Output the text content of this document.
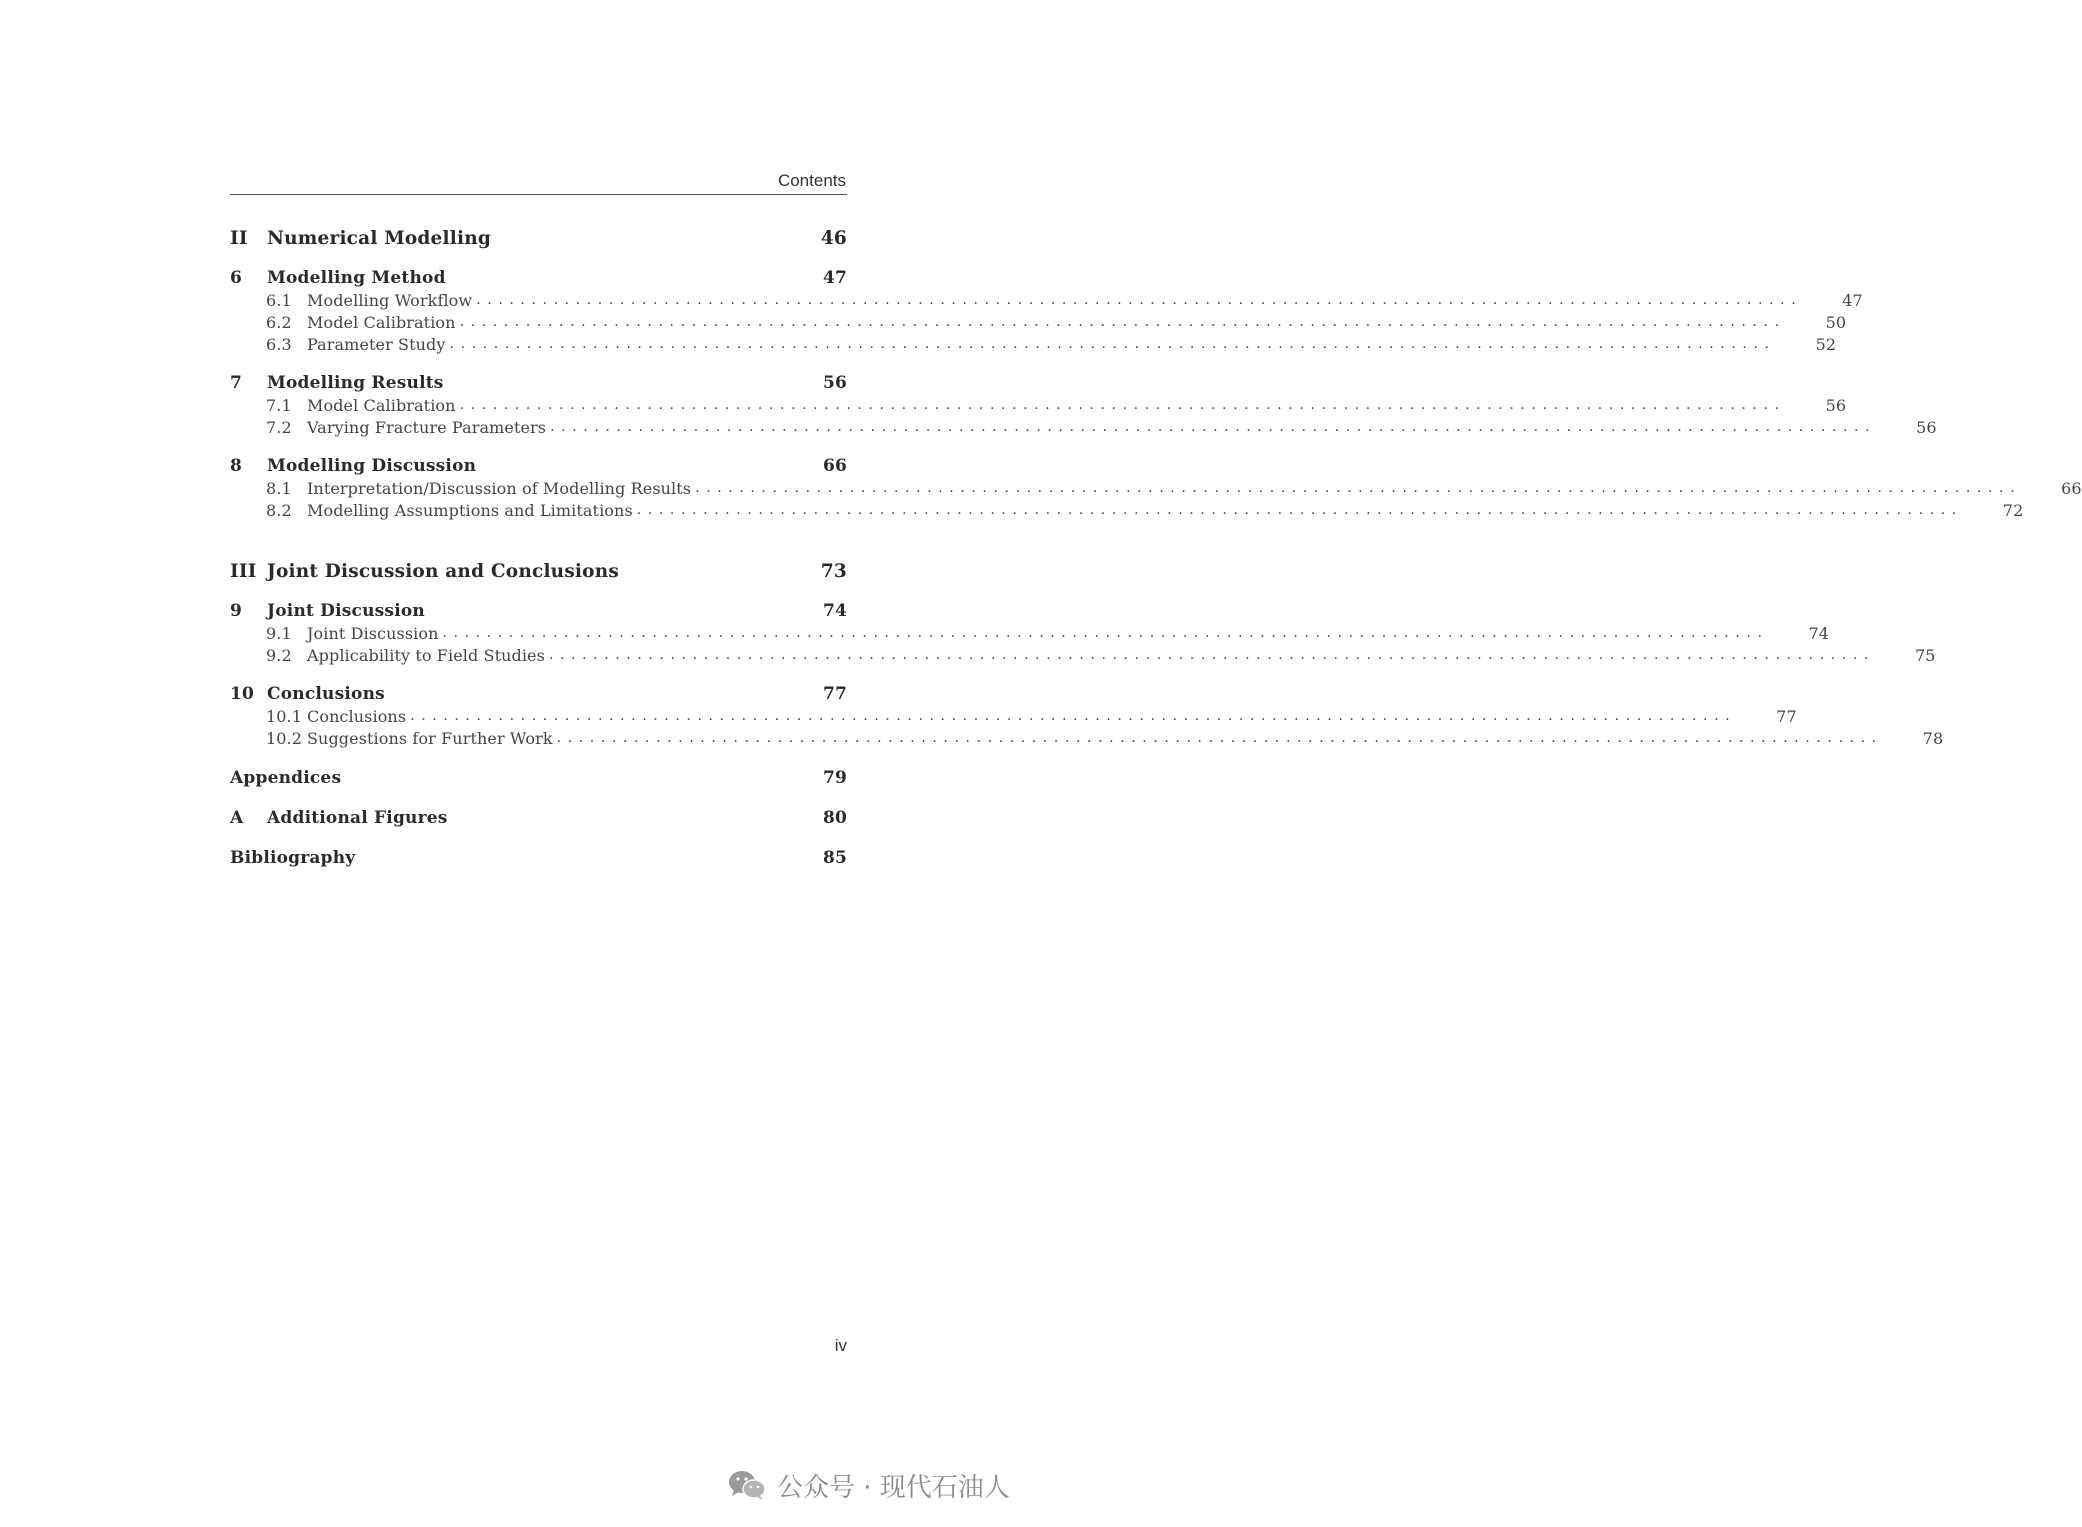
Contents
II	Numerical Modelling	46
6	Modelling Method	47
6.1 Modelling Workflow ........................................................................................................................	47
6.2 Model Calibration ........................................................................................................................	50
6.3 Parameter Study ........................................................................................................................	52
7	Modelling Results	56
7.1 Model Calibration ........................................................................................................................	56
7.2 Varying Fracture Parameters ........................................................................................................................	56
8	Modelling Discussion	66
8.1 Interpretation/Discussion of Modelling Results ........................................................................................................................	66
8.2 Modelling Assumptions and Limitations ........................................................................................................................	72
III Joint Discussion and Conclusions	73
9	Joint Discussion	74
9.1 Joint Discussion ........................................................................................................................	74
9.2 Applicability to Field Studies ........................................................................................................................	75
10 Conclusions	77
10.1 Conclusions ........................................................................................................................	77
10.2 Suggestions for Further Work ........................................................................................................................	78
Appendices	79
A	Additional Figures	80
Bibliography	85
iv
公众号 · 现代石油人
